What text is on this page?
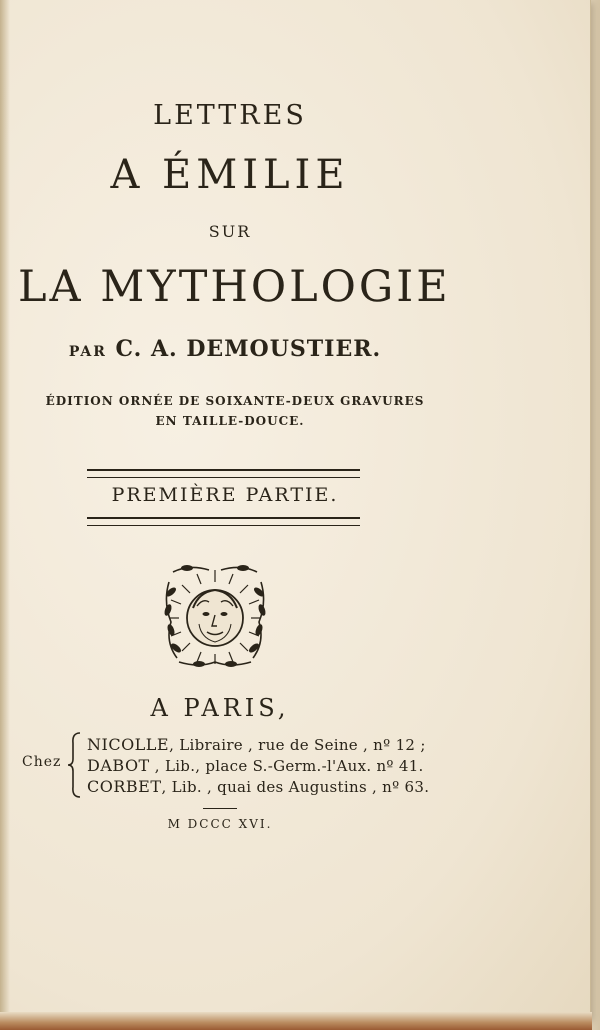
LETTRES
A ÉMILIE
SUR
LA MYTHOLOGIE
PAR C. A. DEMOUSTIER.
ÉDITION ORNÉE DE SOIXANTE-DEUX GRAVURES
EN TAILLE-DOUCE.
PREMIÈRE PARTIE.
A PARIS,
Chez
NICOLLE, Libraire , rue de Seine , nº 12 ;
DABOT , Lib., place S.-Germ.-l'Aux. nº 41.
CORBET, Lib. , quai des Augustins , nº 63.
M DCCC XVI.
